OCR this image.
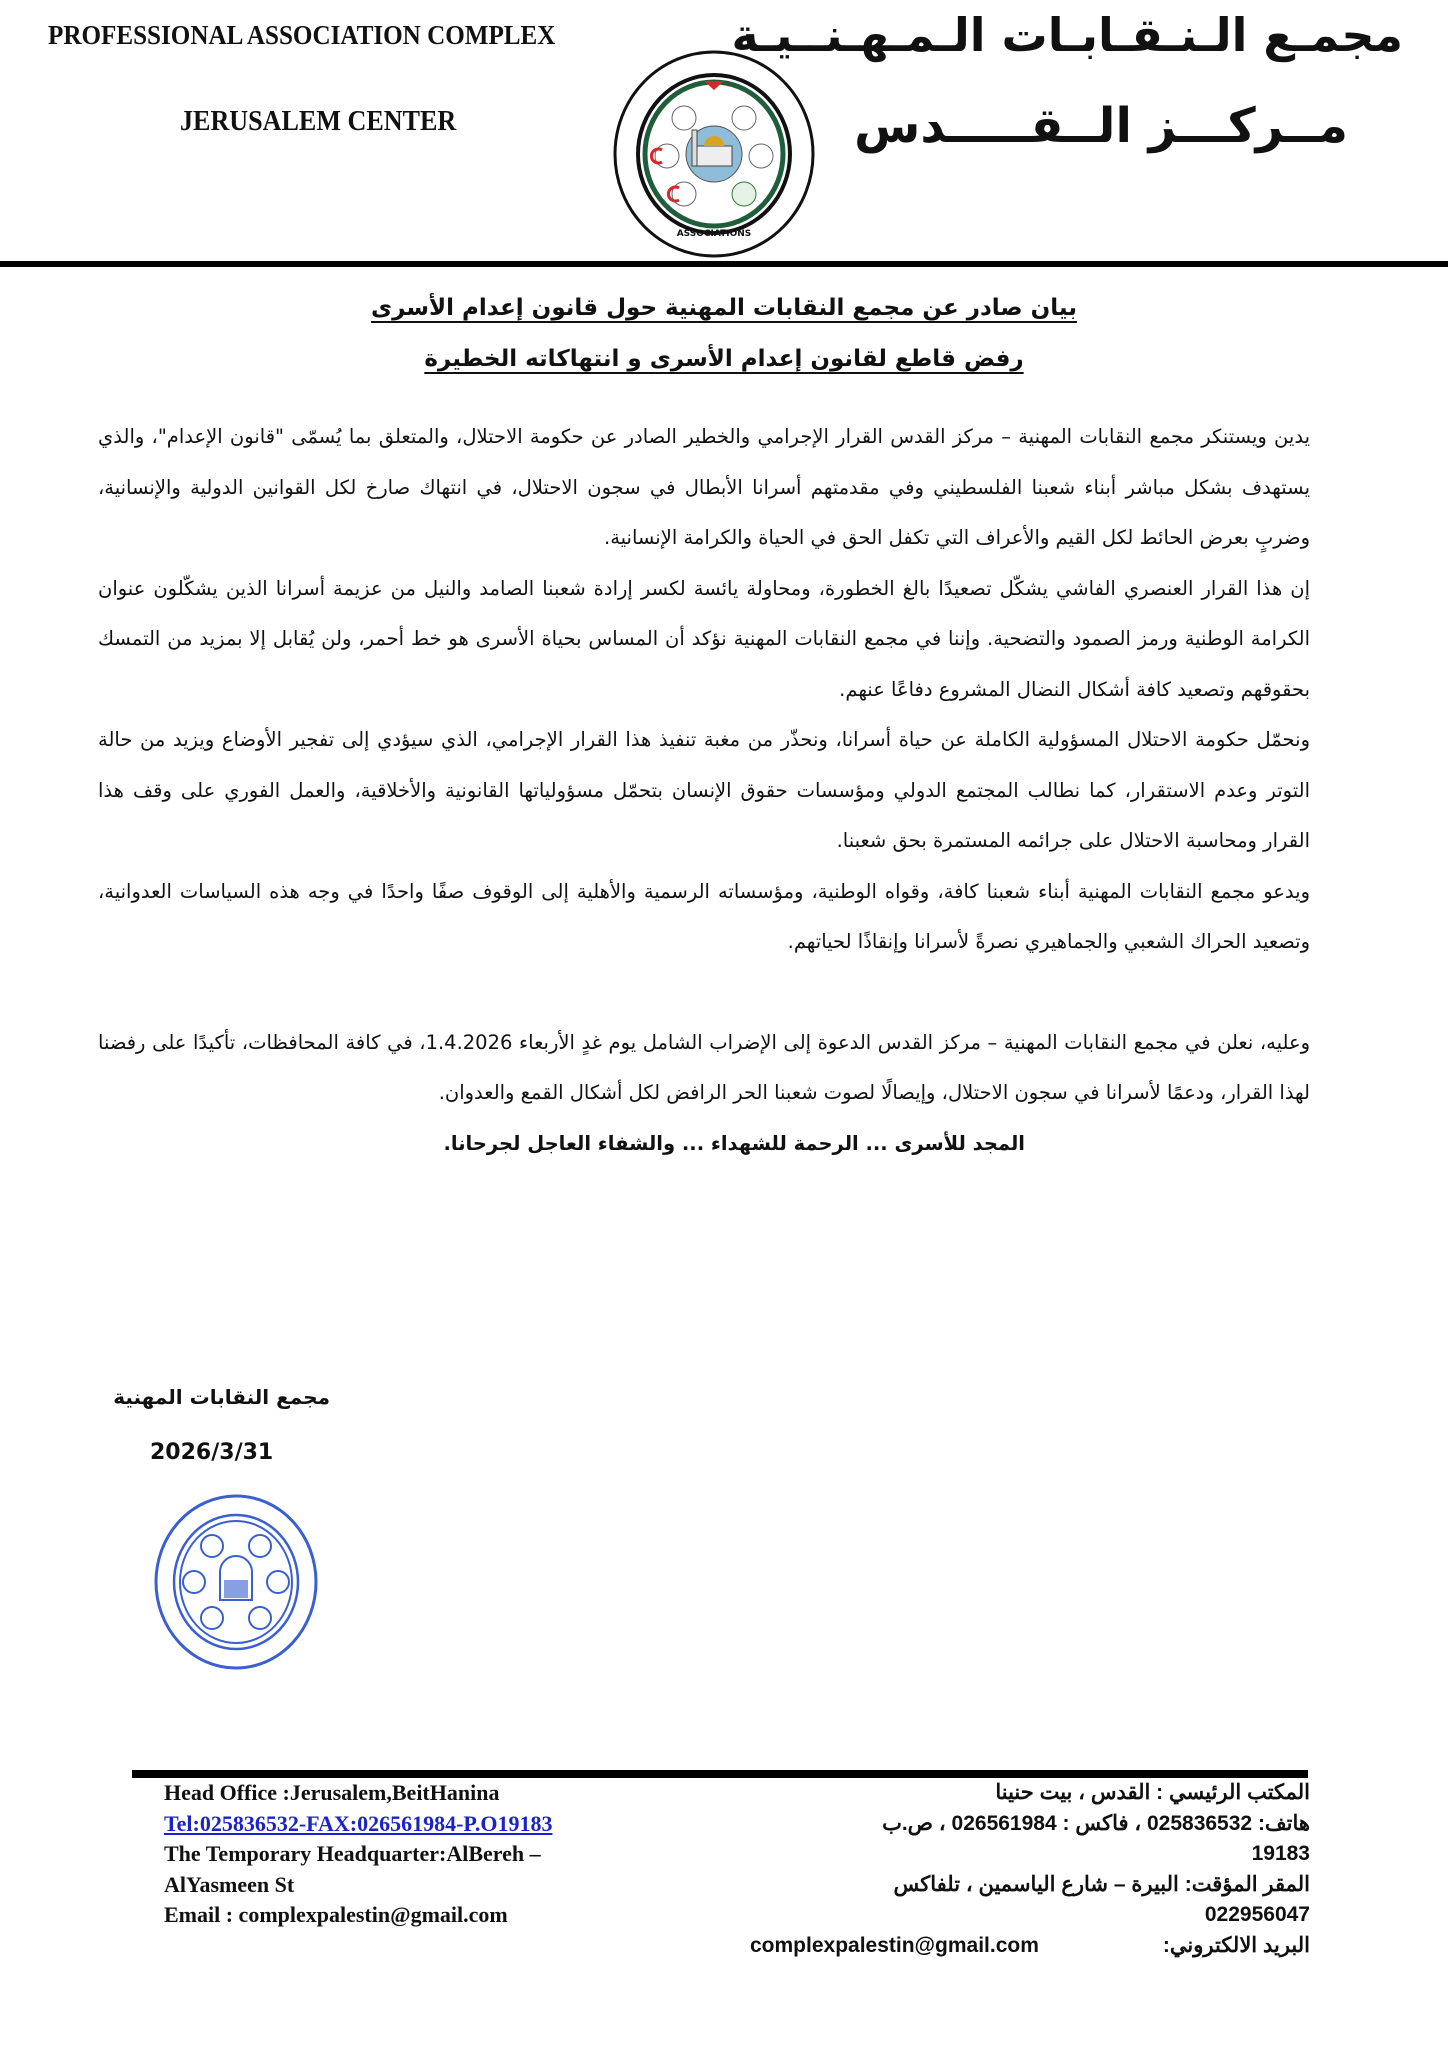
PROFESSIONAL ASSOCIATION COMPLEX
JERUSALEM CENTER
مجمـع الـنـقـابـات الـمـهـنــيـة
مــركـــز الــقـــــدس
ASSOCIATIONS
بيان صادر عن مجمع النقابات المهنية حول قانون إعدام الأسرى
رفض قاطع لقانون إعدام الأسرى و انتهاكاته الخطيرة

يدين ويستنكر مجمع النقابات المهنية – مركز القدس القرار الإجرامي والخطير الصادر عن حكومة الاحتلال، والمتعلق بما يُسمّى "قانون الإعدام"، والذي يستهدف بشكل مباشر أبناء شعبنا الفلسطيني وفي مقدمتهم أسرانا الأبطال في سجون الاحتلال، في انتهاك صارخ لكل القوانين الدولية والإنسانية، وضربٍ بعرض الحائط لكل القيم والأعراف التي تكفل الحق في الحياة والكرامة الإنسانية.

إن هذا القرار العنصري الفاشي يشكّل تصعيدًا بالغ الخطورة، ومحاولة يائسة لكسر إرادة شعبنا الصامد والنيل من عزيمة أسرانا الذين يشكّلون عنوان الكرامة الوطنية ورمز الصمود والتضحية. وإننا في مجمع النقابات المهنية نؤكد أن المساس بحياة الأسرى هو خط أحمر، ولن يُقابل إلا بمزيد من التمسك بحقوقهم وتصعيد كافة أشكال النضال المشروع دفاعًا عنهم.

ونحمّل حكومة الاحتلال المسؤولية الكاملة عن حياة أسرانا، ونحذّر من مغبة تنفيذ هذا القرار الإجرامي، الذي سيؤدي إلى تفجير الأوضاع ويزيد من حالة التوتر وعدم الاستقرار، كما نطالب المجتمع الدولي ومؤسسات حقوق الإنسان بتحمّل مسؤولياتها القانونية والأخلاقية، والعمل الفوري على وقف هذا القرار ومحاسبة الاحتلال على جرائمه المستمرة بحق شعبنا.

ويدعو مجمع النقابات المهنية أبناء شعبنا كافة، وقواه الوطنية، ومؤسساته الرسمية والأهلية إلى الوقوف صفًا واحدًا في وجه هذه السياسات العدوانية، وتصعيد الحراك الشعبي والجماهيري نصرةً لأسرانا وإنقاذًا لحياتهم.

وعليه، نعلن في مجمع النقابات المهنية – مركز القدس الدعوة إلى الإضراب الشامل يوم غدٍ الأربعاء 1.4.2026، في كافة المحافظات، تأكيدًا على رفضنا لهذا القرار، ودعمًا لأسرانا في سجون الاحتلال، وإيصالًا لصوت شعبنا الحر الرافض لكل أشكال القمع والعدوان.

المجد للأسرى ... الرحمة للشهداء ... والشفاء العاجل لجرحانا.

مجمع النقابات المهنية
2026/3/31
Head Office :Jerusalem,BeitHanina
Tel:025836532-FAX:026561984-P.O19183
The Temporary Headquarter:AlBereh –
AlYasmeen St
Email : complexpalestin@gmail.com
المكتب الرئيسي : القدس ، بيت حنينا
هاتف: 025836532 ، فاكس : 026561984 ، ص.ب
19183
المقر المؤقت: البيرة – شارع الياسمين ، تلفاكس
022956047
البريد الالكتروني:
complexpalestin@gmail.com
